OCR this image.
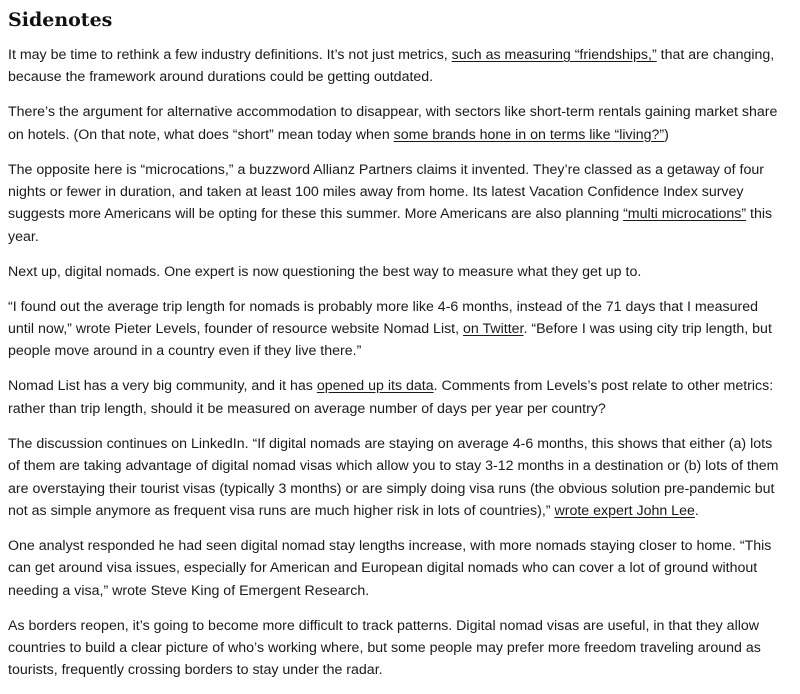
Sidenotes

It may be time to rethink a few industry definitions. It’s not just metrics, such as measuring “friendships,” that are changing, because the framework around durations could be getting outdated.

There’s the argument for alternative accommodation to disappear, with sectors like short-term rentals gaining market share on hotels. (On that note, what does “short” mean today when some brands hone in on terms like “living?”)

The opposite here is “microcations,” a buzzword Allianz Partners claims it invented. They’re classed as a getaway of four nights or fewer in duration, and taken at least 100 miles away from home. Its latest Vacation Confidence Index survey suggests more Americans will be opting for these this summer. More Americans are also planning “multi microcations” this year.

Next up, digital nomads. One expert is now questioning the best way to measure what they get up to.

“I found out the average trip length for nomads is probably more like 4-6 months, instead of the 71 days that I measured until now,” wrote Pieter Levels, founder of resource website Nomad List, on Twitter. “Before I was using city trip length, but people move around in a country even if they live there.”

Nomad List has a very big community, and it has opened up its data. Comments from Levels’s post relate to other metrics: rather than trip length, should it be measured on average number of days per year per country?

The discussion continues on LinkedIn. “If digital nomads are staying on average 4-6 months, this shows that either (a) lots of them are taking advantage of digital nomad visas which allow you to stay 3-12 months in a destination or (b) lots of them are overstaying their tourist visas (typically 3 months) or are simply doing visa runs (the obvious solution pre-pandemic but not as simple anymore as frequent visa runs are much higher risk in lots of countries),” wrote expert John Lee.

One analyst responded he had seen digital nomad stay lengths increase, with more nomads staying closer to home. “This can get around visa issues, especially for American and European digital nomads who can cover a lot of ground without needing a visa,” wrote Steve King of Emergent Research.

As borders reopen, it’s going to become more difficult to track patterns. Digital nomad visas are useful, in that they allow countries to build a clear picture of who’s working where, but some people may prefer more freedom traveling around as tourists, frequently crossing borders to stay under the radar.
